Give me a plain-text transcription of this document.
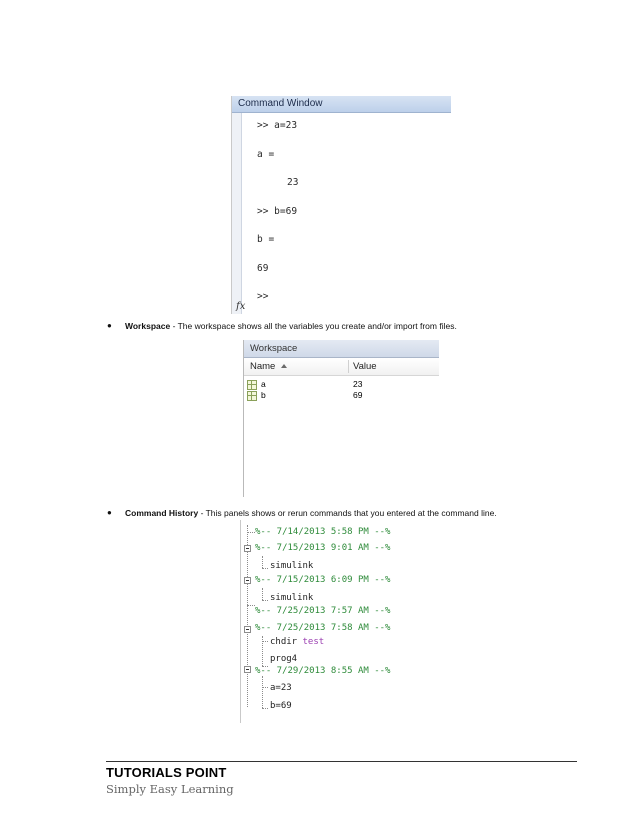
Command Window
>> a=23
a =
23
>> b=69
b =
69
fx
>>
● Workspace - The workspace shows all the variables you create and/or import from files.
Workspace
Name	Value
a	23
b	69
● Command History - This panels shows or rerun commands that you entered at the command line.
%-- 7/14/2013 5:58 PM --%
%-- 7/15/2013 9:01 AM --%
simulink
%-- 7/15/2013 6:09 PM --%
simulink
%-- 7/25/2013 7:57 AM --%
%-- 7/25/2013 7:58 AM --%
chdir test
prog4
%-- 7/29/2013 8:55 AM --%
a=23
b=69
TUTORIALS POINT
Simply Easy Learning
